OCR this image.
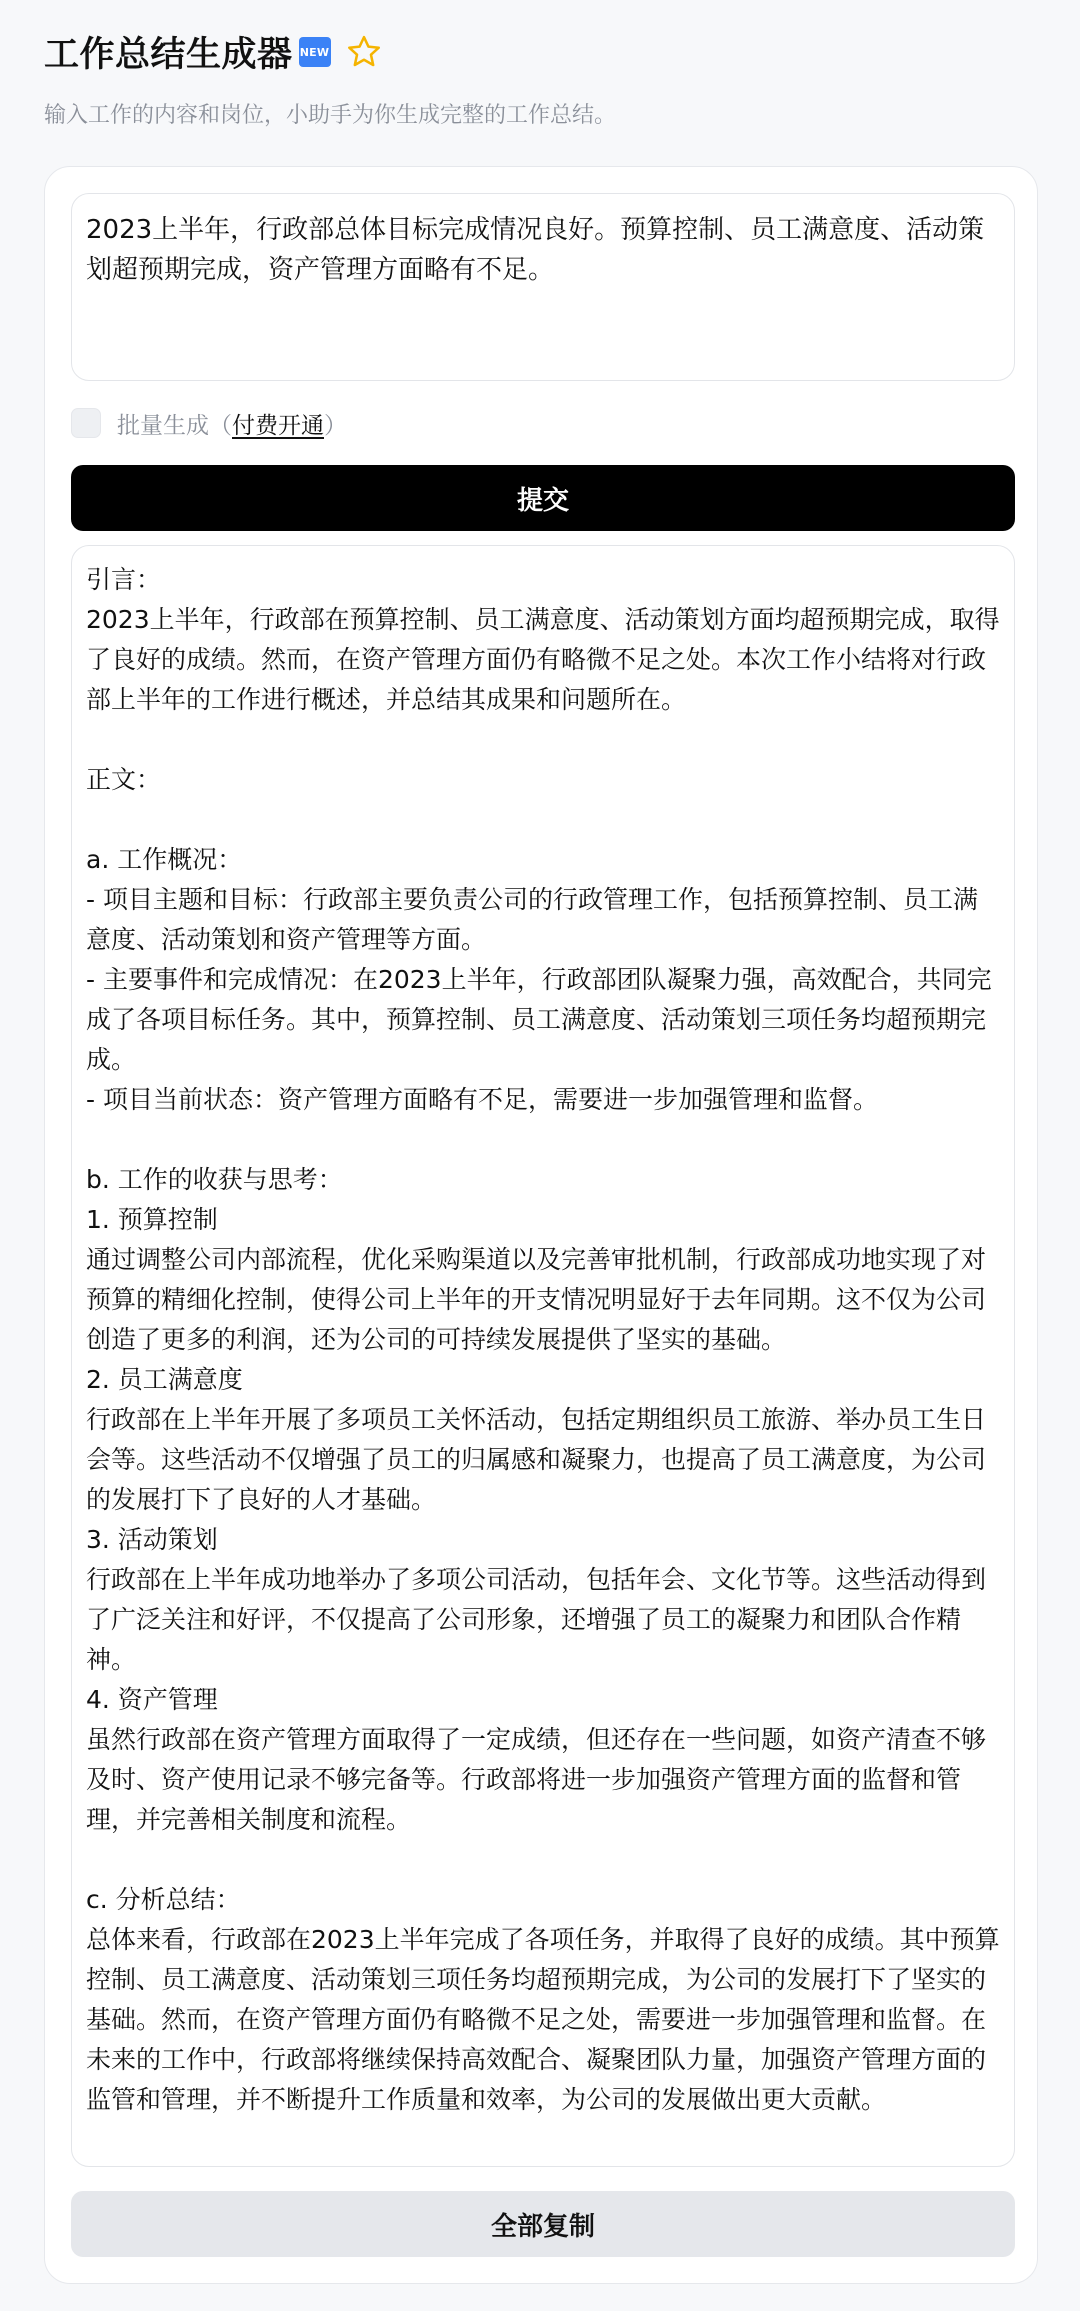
工作总结生成器 NEW
输入工作的内容和岗位，小助手为你生成完整的工作总结。
2023上半年，行政部总体目标完成情况良好。预算控制、员工满意度、活动策划超预期完成，资产管理方面略有不足。
批量生成 （ 付费开通 ）
提交
引言：
2023上半年，行政部在预算控制、员工满意度、活动策划方面均超预期完成，取得了良好的成绩。然而，在资产管理方面仍有略微不足之处。本次工作小结将对行政部上半年的工作进行概述，并总结其成果和问题所在。

正文：

a. 工作概况：
- 项目主题和目标：行政部主要负责公司的行政管理工作，包括预算控制、员工满意度、活动策划和资产管理等方面。
- 主要事件和完成情况：在2023上半年，行政部团队凝聚力强，高效配合，共同完成了各项目标任务。其中，预算控制、员工满意度、活动策划三项任务均超预期完成。
- 项目当前状态：资产管理方面略有不足，需要进一步加强管理和监督。

b. 工作的收获与思考：
1. 预算控制
通过调整公司内部流程，优化采购渠道以及完善审批机制，行政部成功地实现了对预算的精细化控制，使得公司上半年的开支情况明显好于去年同期。这不仅为公司创造了更多的利润，还为公司的可持续发展提供了坚实的基础。
2. 员工满意度
行政部在上半年开展了多项员工关怀活动，包括定期组织员工旅游、举办员工生日会等。这些活动不仅增强了员工的归属感和凝聚力，也提高了员工满意度，为公司的发展打下了良好的人才基础。
3. 活动策划
行政部在上半年成功地举办了多项公司活动，包括年会、文化节等。这些活动得到了广泛关注和好评，不仅提高了公司形象，还增强了员工的凝聚力和团队合作精神。
4. 资产管理
虽然行政部在资产管理方面取得了一定成绩，但还存在一些问题，如资产清查不够及时、资产使用记录不够完备等。行政部将进一步加强资产管理方面的监督和管理，并完善相关制度和流程。

c. 分析总结：
总体来看，行政部在2023上半年完成了各项任务，并取得了良好的成绩。其中预算控制、员工满意度、活动策划三项任务均超预期完成，为公司的发展打下了坚实的基础。然而，在资产管理方面仍有略微不足之处，需要进一步加强管理和监督。在未来的工作中，行政部将继续保持高效配合、凝聚团队力量，加强资产管理方面的监管和管理，并不断提升工作质量和效率，为公司的发展做出更大贡献。
全部复制
